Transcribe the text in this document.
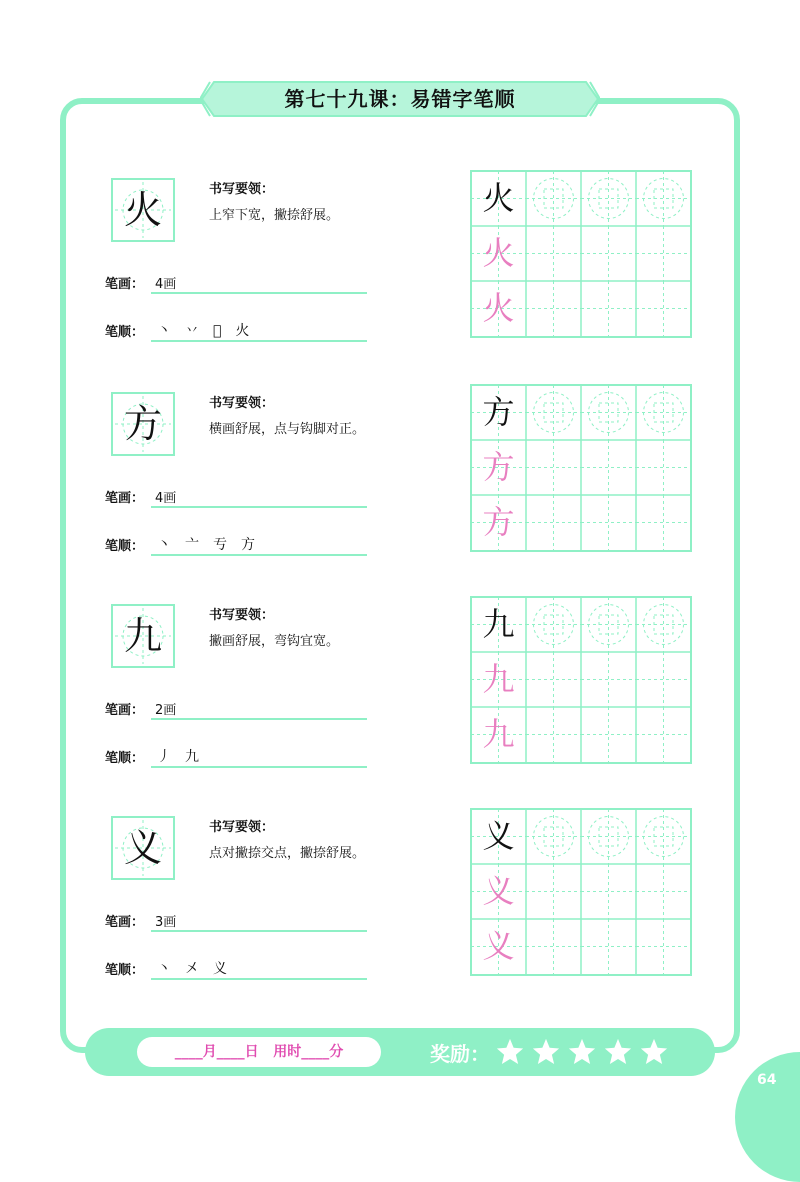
第七十九课：易错字笔顺
火	书写要领：
上窄下宽，撇捺舒展。
笔画： 4画
笔顺： 丶丷𫝀火
火
火
火
方	书写要领：
横画舒展，点与钩脚对正。
笔画： 4画
笔顺： 丶亠亐方
方
方
方
九	书写要领：
撇画舒展，弯钩宜宽。
笔画： 2画
笔顺： 丿九
九
九
九
义	书写要领：
点对撇捺交点，撇捺舒展。
笔画： 3画
笔顺： 丶㐅义
义
义
义
____月____日   用时____分	奖励：
64
